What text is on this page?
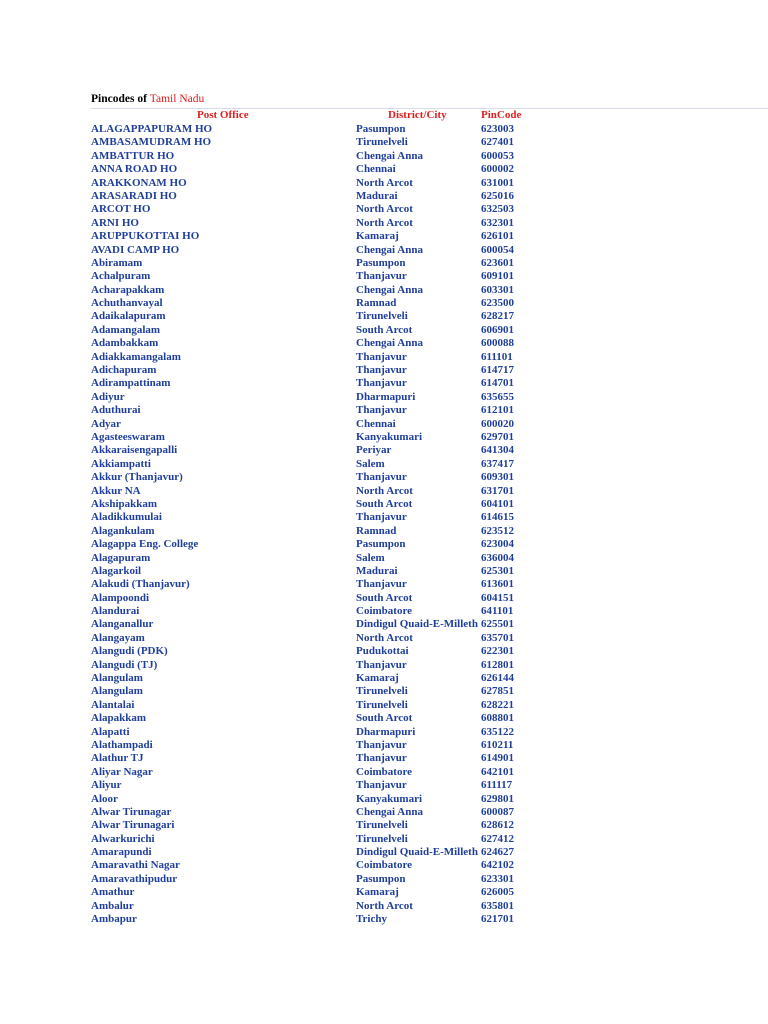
Pincodes of Tamil Nadu
Post Office	District/City	PinCode
ALAGAPPAPURAM HO	Pasumpon	623003
AMBASAMUDRAM HO	Tirunelveli	627401
AMBATTUR HO	Chengai Anna	600053
ANNA ROAD HO	Chennai	600002
ARAKKONAM HO	North Arcot	631001
ARASARADI HO	Madurai	625016
ARCOT HO	North Arcot	632503
ARNI HO	North Arcot	632301
ARUPPUKOTTAI HO	Kamaraj	626101
AVADI CAMP HO	Chengai Anna	600054
Abiramam	Pasumpon	623601
Achalpuram	Thanjavur	609101
Acharapakkam	Chengai Anna	603301
Achuthanvayal	Ramnad	623500
Adaikalapuram	Tirunelveli	628217
Adamangalam	South Arcot	606901
Adambakkam	Chengai Anna	600088
Adiakkamangalam	Thanjavur	611101
Adichapuram	Thanjavur	614717
Adirampattinam	Thanjavur	614701
Adiyur	Dharmapuri	635655
Aduthurai	Thanjavur	612101
Adyar	Chennai	600020
Agasteeswaram	Kanyakumari	629701
Akkaraisengapalli	Periyar	641304
Akkiampatti	Salem	637417
Akkur (Thanjavur)	Thanjavur	609301
Akkur NA	North Arcot	631701
Akshipakkam	South Arcot	604101
Aladikkumulai	Thanjavur	614615
Alagankulam	Ramnad	623512
Alagappa Eng. College	Pasumpon	623004
Alagapuram	Salem	636004
Alagarkoil	Madurai	625301
Alakudi (Thanjavur)	Thanjavur	613601
Alampoondi	South Arcot	604151
Alandurai	Coimbatore	641101
Alanganallur	Dindigul Quaid-E-Milleth 625501
Alangayam	North Arcot	635701
Alangudi (PDK)	Pudukottai	622301
Alangudi (TJ)	Thanjavur	612801
Alangulam	Kamaraj	626144
Alangulam	Tirunelveli	627851
Alantalai	Tirunelveli	628221
Alapakkam	South Arcot	608801
Alapatti	Dharmapuri	635122
Alathampadi	Thanjavur	610211
Alathur TJ	Thanjavur	614901
Aliyar Nagar	Coimbatore	642101
Aliyur	Thanjavur	611117
Aloor	Kanyakumari	629801
Alwar Tirunagar	Chengai Anna	600087
Alwar Tirunagari	Tirunelveli	628612
Alwarkurichi	Tirunelveli	627412
Amarapundi	Dindigul Quaid-E-Milleth 624627
Amaravathi Nagar	Coimbatore	642102
Amaravathipudur	Pasumpon	623301
Amathur	Kamaraj	626005
Ambalur	North Arcot	635801
Ambapur	Trichy	621701
